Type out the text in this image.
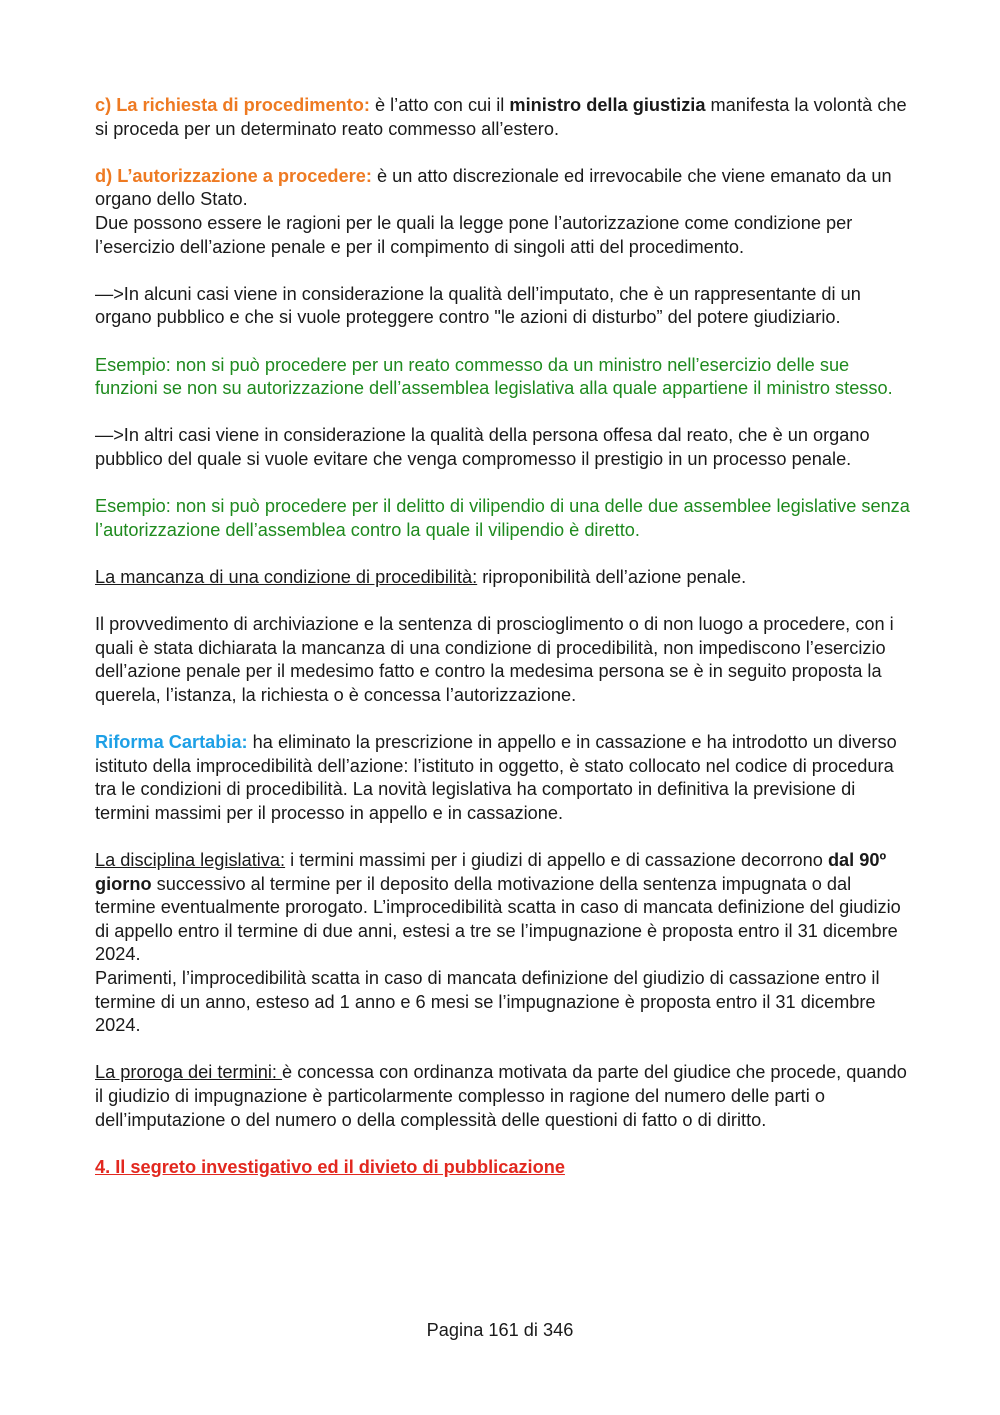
c) La richiesta di procedimento: è l’atto con cui il ministro della giustizia manifesta la volontà che si proceda per un determinato reato commesso all’estero.

d) L’autorizzazione a procedere: è un atto discrezionale ed irrevocabile che viene emanato da un organo dello Stato.

Due possono essere le ragioni per le quali la legge pone l’autorizzazione come condizione per l’esercizio dell’azione penale e per il compimento di singoli atti del procedimento.

—>In alcuni casi viene in considerazione la qualità dell’imputato, che è un rappresentante di un organo pubblico e che si vuole proteggere contro "le azioni di disturbo” del potere giudiziario.

Esempio: non si può procedere per un reato commesso da un ministro nell’esercizio delle sue funzioni se non su autorizzazione dell’assemblea legislativa alla quale appartiene il ministro stesso.

—>In altri casi viene in considerazione la qualità della persona offesa dal reato, che è un organo pubblico del quale si vuole evitare che venga compromesso il prestigio in un processo penale.

Esempio: non si può procedere per il delitto di vilipendio di una delle due assemblee legislative senza l’autorizzazione dell’assemblea contro la quale il vilipendio è diretto.

La mancanza di una condizione di procedibilità: riproponibilità dell’azione penale.

Il provvedimento di archiviazione e la sentenza di proscioglimento o di non luogo a procedere, con i quali è stata dichiarata la mancanza di una condizione di procedibilità, non impediscono l’esercizio dell’azione penale per il medesimo fatto e contro la medesima persona se è in seguito proposta la querela, l’istanza, la richiesta o è concessa l’autorizzazione.

Riforma Cartabia: ha eliminato la prescrizione in appello e in cassazione e ha introdotto un diverso istituto della improcedibilità dell’azione: l’istituto in oggetto, è stato collocato nel codice di procedura tra le condizioni di procedibilità. La novità legislativa ha comportato in definitiva la previsione di termini massimi per il processo in appello e in cassazione.

La disciplina legislativa: i termini massimi per i giudizi di appello e di cassazione decorrono dal 90º giorno successivo al termine per il deposito della motivazione della sentenza impugnata o dal termine eventualmente prorogato. L’improcedibilità scatta in caso di mancata definizione del giudizio di appello entro il termine di due anni, estesi a tre se l’impugnazione è proposta entro il 31 dicembre 2024.

Parimenti, l’improcedibilità scatta in caso di mancata definizione del giudizio di cassazione entro il termine di un anno, esteso ad 1 anno e 6 mesi se l’impugnazione è proposta entro il 31 dicembre 2024.

La proroga dei termini: è concessa con ordinanza motivata da parte del giudice che procede, quando il giudizio di impugnazione è particolarmente complesso in ragione del numero delle parti o dell’imputazione o del numero o della complessità delle questioni di fatto o di diritto.

4. Il segreto investigativo ed il divieto di pubblicazione

Pagina 161 di 346
